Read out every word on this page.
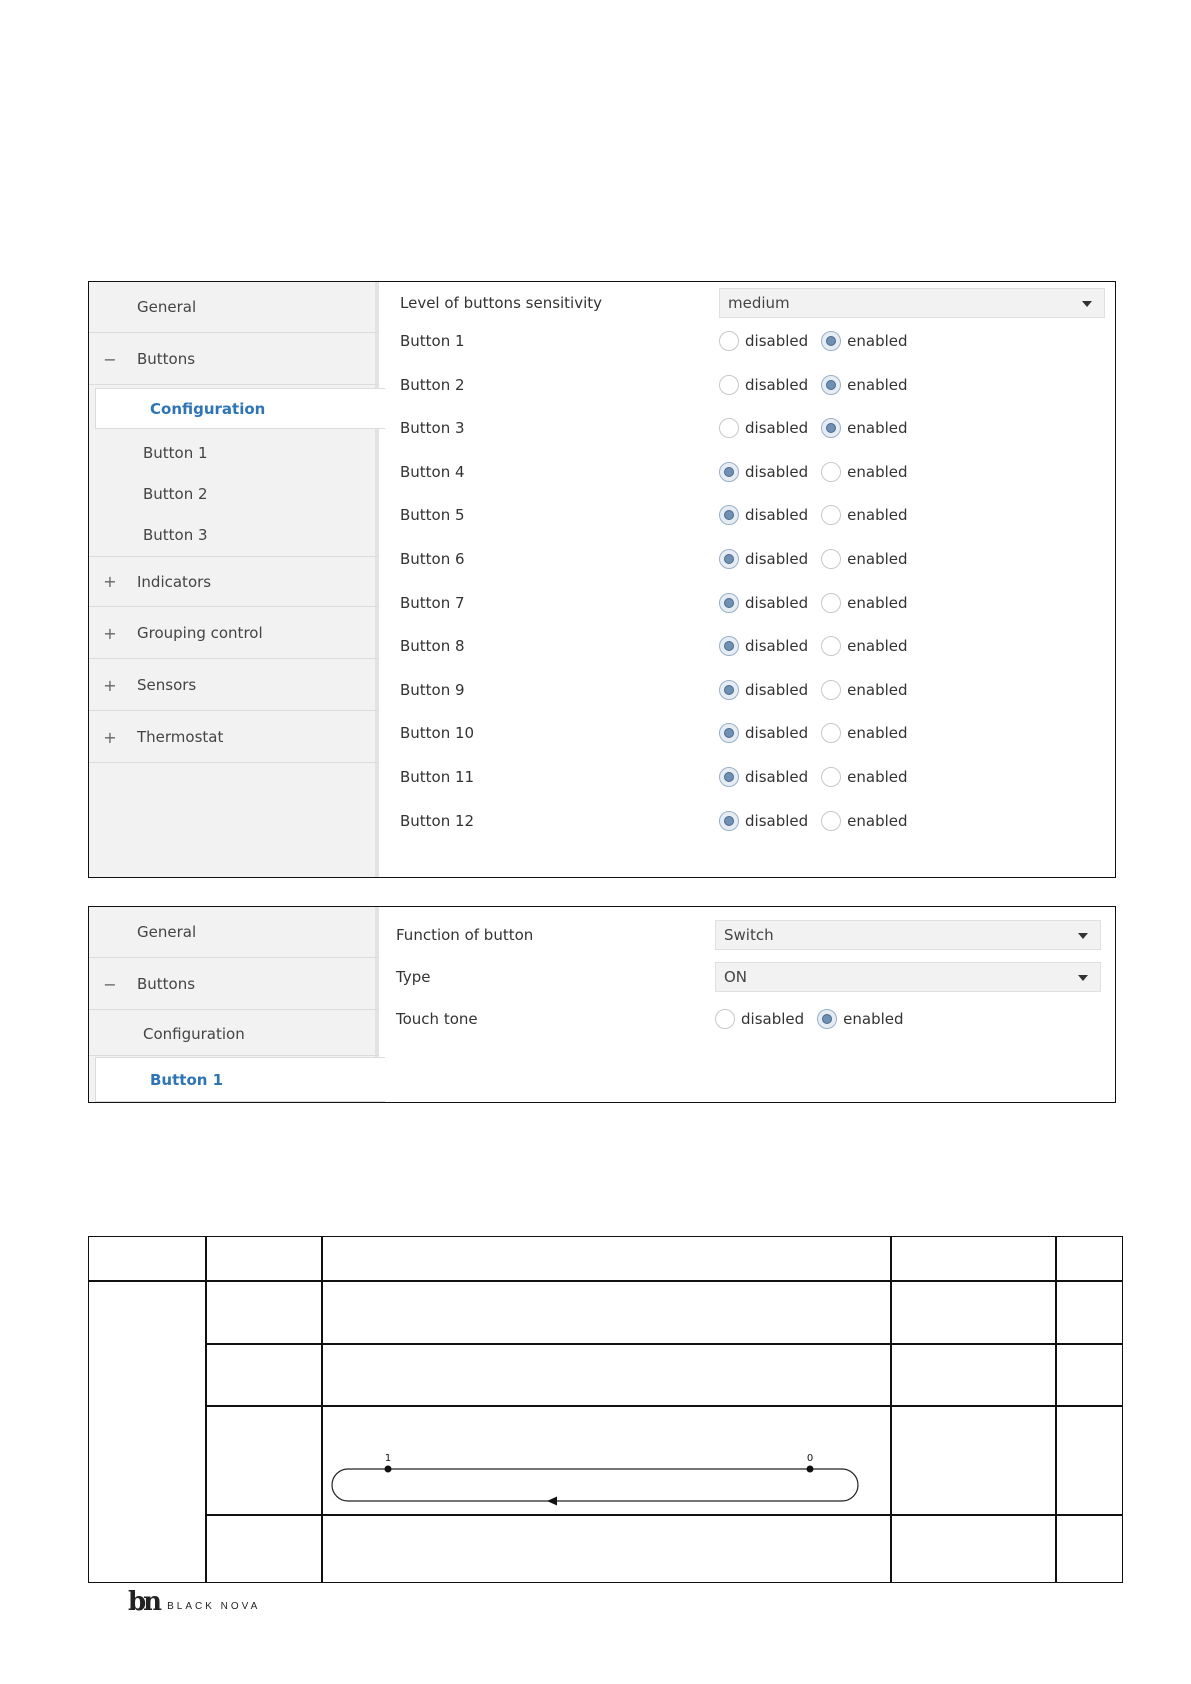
General
− Buttons
Configuration
Button 1
Button 2
Button 3
+ Indicators
+ Grouping control
+ Sensors
+ Thermostat
Level of buttons sensitivity	medium
Button 1	disabled	enabled
Button 2	disabled	enabled
Button 3	disabled	enabled
Button 4	disabled	enabled
Button 5	disabled	enabled
Button 6	disabled	enabled
Button 7	disabled	enabled
Button 8	disabled	enabled
Button 9	disabled	enabled
Button 10	disabled	enabled
Button 11	disabled	enabled
Button 12	disabled	enabled
General
− Buttons
Configuration
Button 1
Function of button	Switch
Type	ON
Touch tone	disabled	enabled
1	0
bn BLACK NOVA
